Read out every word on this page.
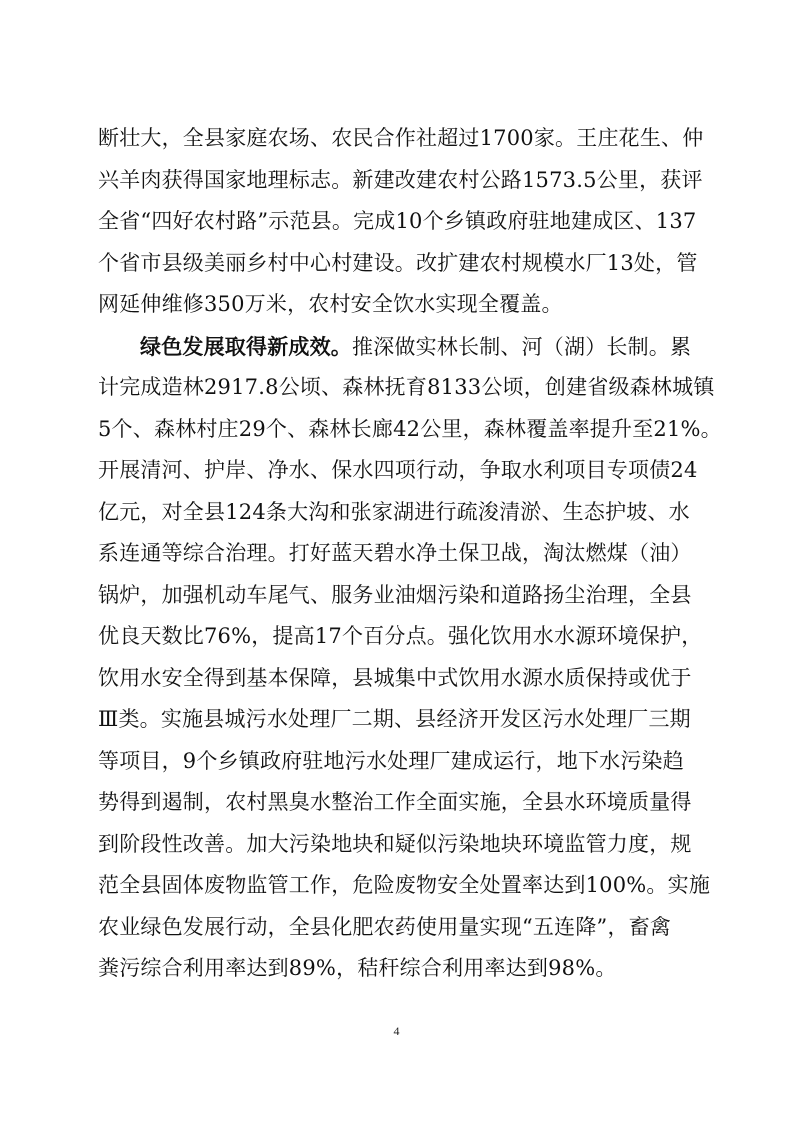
断壮大，全县家庭农场、农民合作社超过1700家。王庄花生、仲
兴羊肉获得国家地理标志。新建改建农村公路1573.5公里，获评
全省“四好农村路”示范县。完成10个乡镇政府驻地建成区、137
个省市县级美丽乡村中心村建设。改扩建农村规模水厂13处，管
网延伸维修350万米，农村安全饮水实现全覆盖。
绿色发展取得新成效。推深做实林长制、河（湖）长制。累
计完成造林2917.8公顷、森林抚育8133公顷，创建省级森林城镇
5个、森林村庄29个、森林长廊42公里，森林覆盖率提升至21%。
开展清河、护岸、净水、保水四项行动，争取水利项目专项债24
亿元，对全县124条大沟和张家湖进行疏浚清淤、生态护坡、水
系连通等综合治理。打好蓝天碧水净土保卫战，淘汰燃煤（油）
锅炉，加强机动车尾气、服务业油烟污染和道路扬尘治理，全县
优良天数比76%，提高17个百分点。强化饮用水水源环境保护，
饮用水安全得到基本保障，县城集中式饮用水源水质保持或优于
Ⅲ类。实施县城污水处理厂二期、县经济开发区污水处理厂三期
等项目，9个乡镇政府驻地污水处理厂建成运行，地下水污染趋
势得到遏制，农村黑臭水整治工作全面实施，全县水环境质量得
到阶段性改善。加大污染地块和疑似污染地块环境监管力度，规
范全县固体废物监管工作，危险废物安全处置率达到100%。实施
农业绿色发展行动，全县化肥农药使用量实现“五连降”，畜禽
粪污综合利用率达到89%，秸秆综合利用率达到98%。
4
